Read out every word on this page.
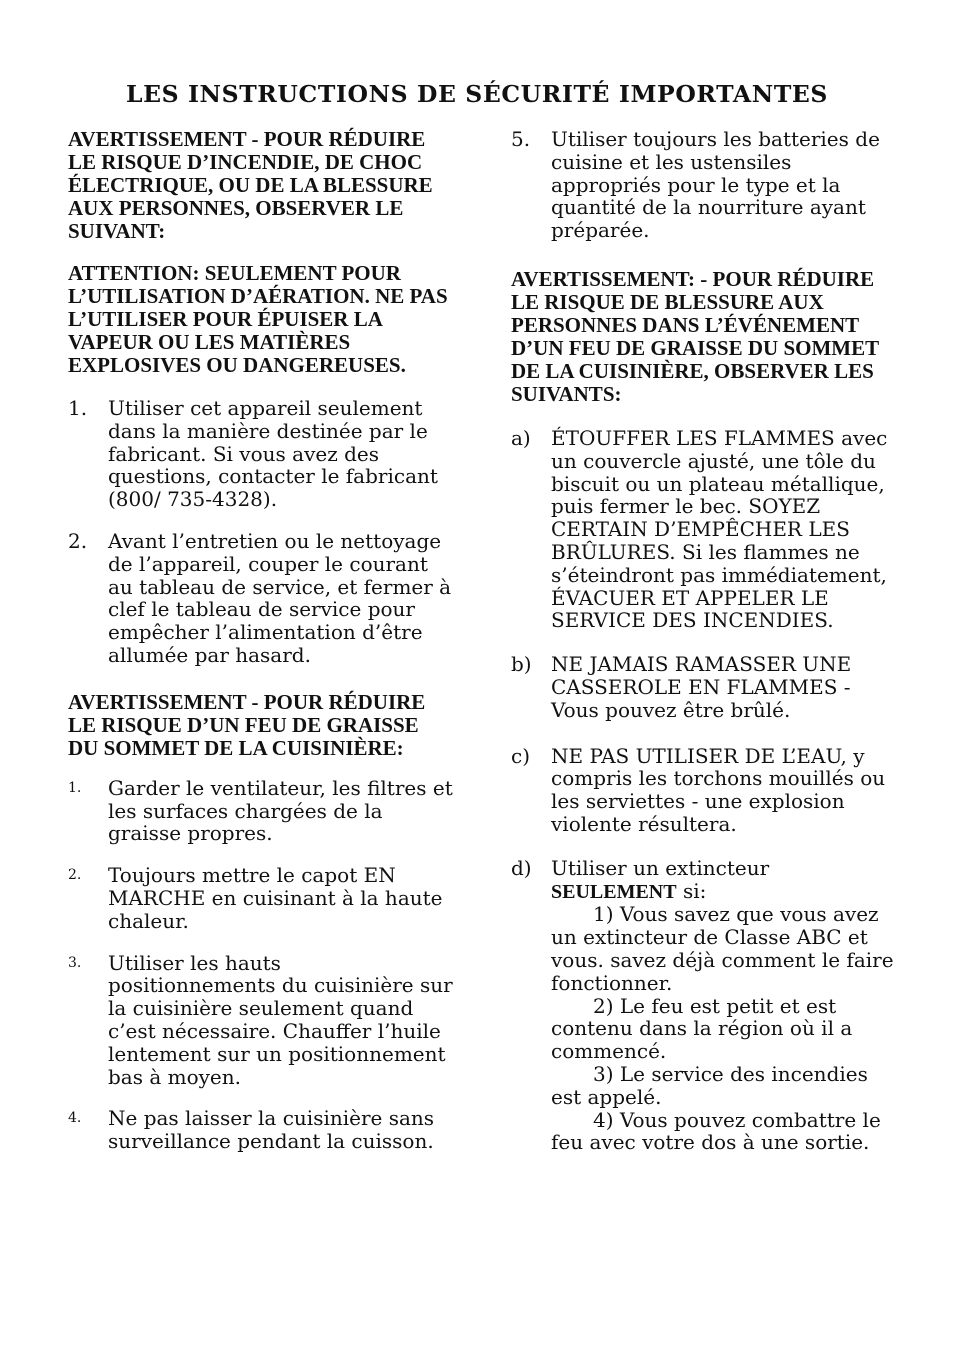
LES INSTRUCTIONS DE SÉCURITÉ IMPORTANTES

AVERTISSEMENT - POUR RÉDUIRE LE RISQUE D’INCENDIE, DE CHOC ÉLECTRIQUE, OU DE LA BLESSURE AUX PERSONNES, OBSERVER LE SUIVANT:

ATTENTION: SEULEMENT POUR L’UTILISATION D’AÉRATION. NE PAS L’UTILISER POUR ÉPUISER LA VAPEUR OU LES MATIÈRES EXPLOSIVES OU DANGEREUSES.

1.	Utiliser cet appareil seulement dans la manière destinée par le fabricant. Si vous avez des questions, contacter le fabricant (800/ 735-4328).
2.	Avant l’entretien ou le nettoyage de l’appareil, couper le courant au tableau de service, et fermer à clef le tableau de service pour empêcher l’alimentation d’être allumée par hasard.

AVERTISSEMENT - POUR RÉDUIRE LE RISQUE D’UN FEU DE GRAISSE DU SOMMET DE LA CUISINIÈRE:

1.	Garder le ventilateur, les filtres et les surfaces chargées de la graisse propres.
2.	Toujours mettre le capot EN MARCHE en cuisinant à la haute chaleur.
3.	Utiliser les hauts positionnements du cuisinière sur la cuisinière seulement quand c’est nécessaire. Chauffer l’huile lentement sur un positionnement bas à moyen.
4.	Ne pas laisser la cuisinière sans surveillance pendant la cuisson.
5.	Utiliser toujours les batteries de cuisine et les ustensiles appropriés pour le type et la quantité de la nourriture ayant préparée.

AVERTISSEMENT: - POUR RÉDUIRE LE RISQUE DE BLESSURE AUX PERSONNES DANS L’ÉVÉNEMENT D’UN FEU DE GRAISSE DU SOMMET DE LA CUISINIÈRE, OBSERVER LES SUIVANTS:

a)	ÉTOUFFER LES FLAMMES avec un couvercle ajusté, une tôle du biscuit ou un plateau métallique, puis fermer le bec. SOYEZ CERTAIN D’EMPÊCHER LES BRÛLURES. Si les flammes ne s’éteindront pas immédiatement, ÉVACUER ET APPELER LE SERVICE DES INCENDIES.
b) NE JAMAIS RAMASSER UNE CASSEROLE EN FLAMMES - Vous pouvez être brûlé.
c)	NE PAS UTILISER DE L’EAU, y compris les torchons mouillés ou les serviettes - une explosion violente résultera.
d) Utiliser un extincteur
SEULEMENT si:
1) Vous savez que vous avez un extincteur de Classe ABC et vous. savez déjà comment le faire fonctionner.
2) Le feu est petit et est contenu dans la région où il a commencé.
3) Le service des incendies est appelé.
4) Vous pouvez combattre le feu avec votre dos à une sortie.
